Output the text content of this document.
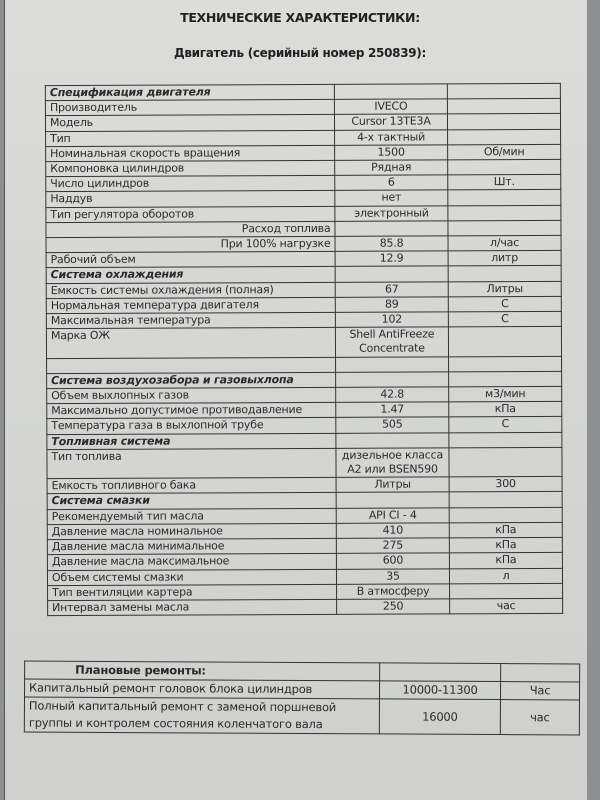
ТЕХНИЧЕСКИЕ ХАРАКТЕРИСТИКИ:
Двигатель (серийный номер 250839):
Спецификация двигателя		
Производитель	IVECO	
Модель	Cursor 13TE3A	
Тип	4-х тактный	
Номинальная скорость вращения	1500	Об/мин
Компоновка цилиндров	Рядная	
Число цилиндров	6	Шт.
Наддув	нет	
Тип регулятора оборотов	электронный	
Расход топлива		
При 100% нагрузке	85.8	л/час
Рабочий объем	12.9	литр
Система охлаждения		
Емкость системы охлаждения (полная)	67	Литры
Нормальная температура двигателя	89	С
Максимальная температура	102	С
Марка ОЖ	Shell AntiFreeze
Concentrate	

Система воздухозабора и газовыхлопа		
Объем выхлопных газов	42.8	м3/мин
Максимально допустимое противодавление	1.47	кПа
Температура газа в выхлопной трубе	505	С
Топливная система		
Тип топлива	дизельное класса
А2 или BSEN590	

Емкость топливного бака	Литры	300
Система смазки		
Рекомендуемый тип масла	API CI - 4	
Давление масла номинальное	410	кПа
Давление масла минимальное	275	кПа
Давление масла максимальное	600	кПа
Объем системы смазки	35	л
Тип вентиляции картера	В атмосферу	
Интервал замены масла	250	час
Плановые ремонты:		
Капитальный ремонт головок блока цилиндров	10000-11300	Час
Полный капитальный ремонт с заменой поршневой группы и контролем состояния коленчатого вала	16000	час
